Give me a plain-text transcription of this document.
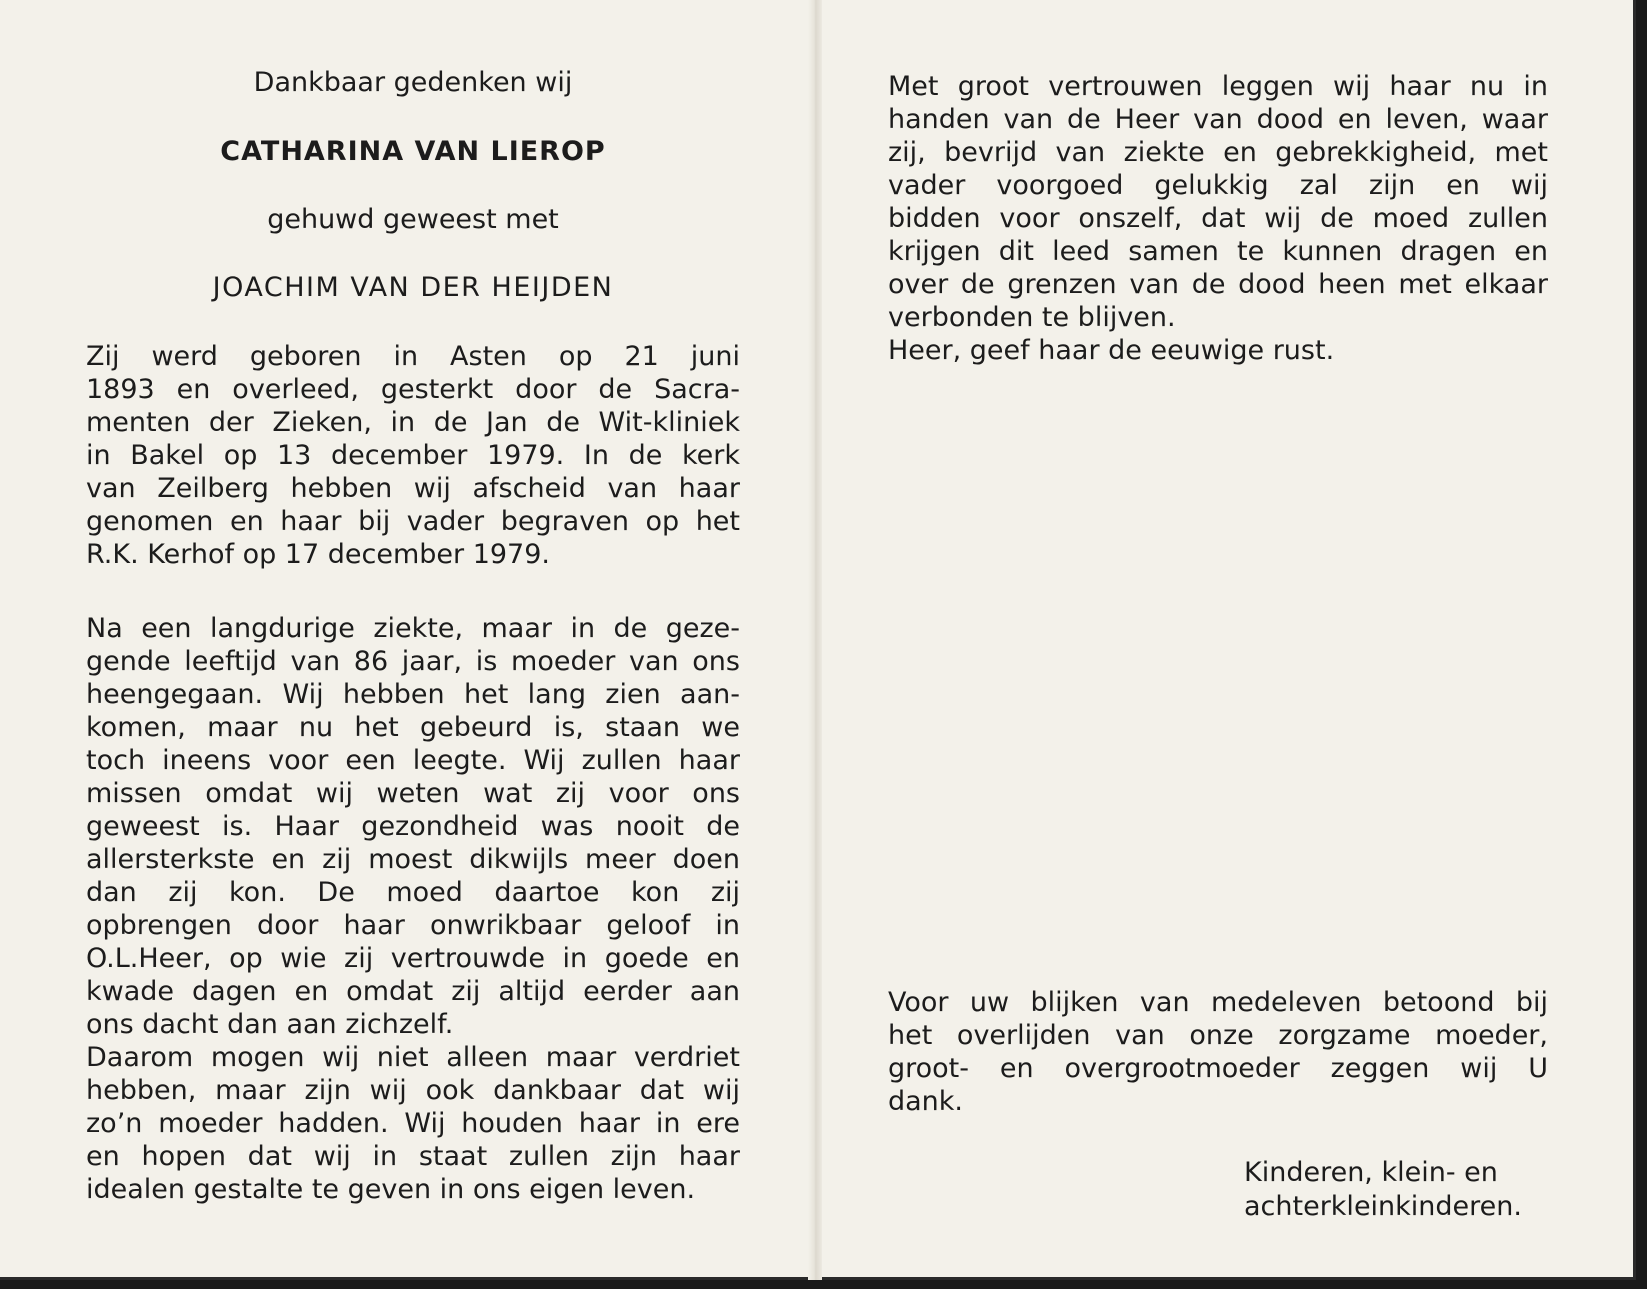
Dankbaar gedenken wij
CATHARINA VAN LIEROP
gehuwd geweest met
JOACHIM VAN DER HEIJDEN
Zij werd geboren in Asten op 21 juni
1893 en overleed, gesterkt door de Sacra-
menten der Zieken, in de Jan de Wit-kliniek
in Bakel op 13 december 1979. In de kerk
van Zeilberg hebben wij afscheid van haar
genomen en haar bij vader begraven op het
R.K. Kerhof op 17 december 1979.
Na een langdurige ziekte, maar in de geze-
gende leeftijd van 86 jaar, is moeder van ons
heengegaan. Wij hebben het lang zien aan-
komen, maar nu het gebeurd is, staan we
toch ineens voor een leegte. Wij zullen haar
missen omdat wij weten wat zij voor ons
geweest is. Haar gezondheid was nooit de
allersterkste en zij moest dikwijls meer doen
dan zij kon. De moed daartoe kon zij
opbrengen door haar onwrikbaar geloof in
O.L.Heer, op wie zij vertrouwde in goede en
kwade dagen en omdat zij altijd eerder aan
ons dacht dan aan zichzelf.
Daarom mogen wij niet alleen maar verdriet
hebben, maar zijn wij ook dankbaar dat wij
zo’n moeder hadden. Wij houden haar in ere
en hopen dat wij in staat zullen zijn haar
idealen gestalte te geven in ons eigen leven.
Met groot vertrouwen leggen wij haar nu in
handen van de Heer van dood en leven, waar
zij, bevrijd van ziekte en gebrekkigheid, met
vader voorgoed gelukkig zal zijn en wij
bidden voor onszelf, dat wij de moed zullen
krijgen dit leed samen te kunnen dragen en
over de grenzen van de dood heen met elkaar
verbonden te blijven.
Heer, geef haar de eeuwige rust.
Voor uw blijken van medeleven betoond bij
het overlijden van onze zorgzame moeder,
groot- en overgrootmoeder zeggen wij U
dank.
Kinderen, klein- en
achterkleinkinderen.
